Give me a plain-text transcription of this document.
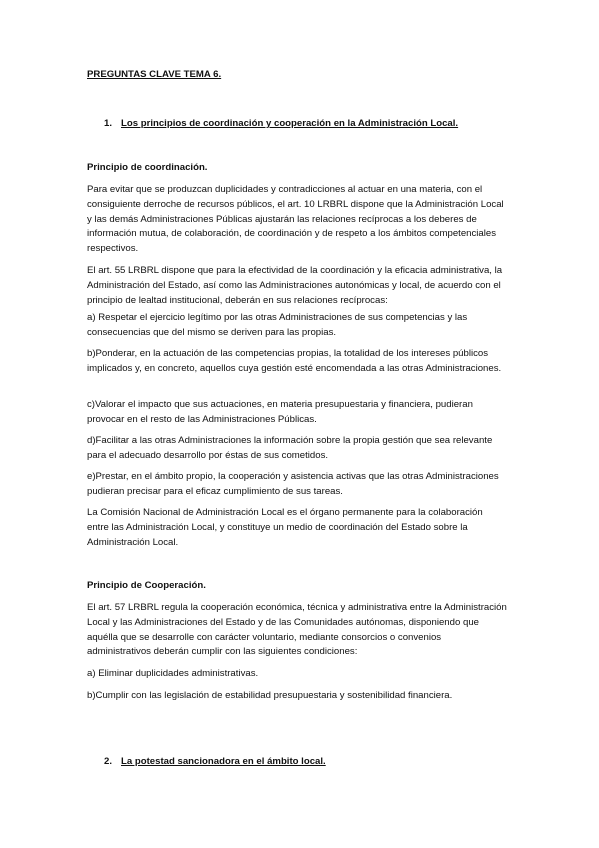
PREGUNTAS CLAVE TEMA 6.
1. Los principios de coordinación y cooperación en la Administración Local.

Principio de coordinación.

Para evitar que se produzcan duplicidades y contradicciones al actuar en una materia, con el consiguiente derroche de recursos públicos, el art. 10 LRBRL dispone que la Administración Local y las demás Administraciones Públicas ajustarán las relaciones recíprocas a los deberes de información mutua, de colaboración, de coordinación y de respeto a los ámbitos competenciales respectivos.

El art. 55 LRBRL dispone que para la efectividad de la coordinación y la eficacia administrativa, la Administración del Estado, así como las Administraciones autonómicas y local, de acuerdo con el principio de lealtad institucional, deberán en sus relaciones recíprocas:

a) Respetar el ejercicio legítimo por las otras Administraciones de sus competencias y las consecuencias que del mismo se deriven para las propias.

b)Ponderar, en la actuación de las competencias propias, la totalidad de los intereses públicos implicados y, en concreto, aquellos cuya gestión esté encomendada a las otras Administraciones.

c)Valorar el impacto que sus actuaciones, en materia presupuestaria y financiera, pudieran provocar en el resto de las Administraciones Públicas.

d)Facilitar a las otras Administraciones la información sobre la propia gestión que sea relevante para el adecuado desarrollo por éstas de sus cometidos.

e)Prestar, en el ámbito propio, la cooperación y asistencia activas que las otras Administraciones pudieran precisar para el eficaz cumplimiento de sus tareas.

La Comisión Nacional de Administración Local es el órgano permanente para la colaboración entre las Administración Local, y constituye un medio de coordinación del Estado sobre la Administración Local.

Principio de Cooperación.

El art. 57 LRBRL regula la cooperación económica, técnica y administrativa entre la Administración Local y las Administraciones del Estado y de las Comunidades autónomas, disponiendo que aquélla que se desarrolle con carácter voluntario, mediante consorcios o convenios administrativos deberán cumplir con las siguientes condiciones:

a) Eliminar duplicidades administrativas.

b)Cumplir con las legislación de estabilidad presupuestaria y sostenibilidad financiera.

2. La potestad sancionadora en el ámbito local.
